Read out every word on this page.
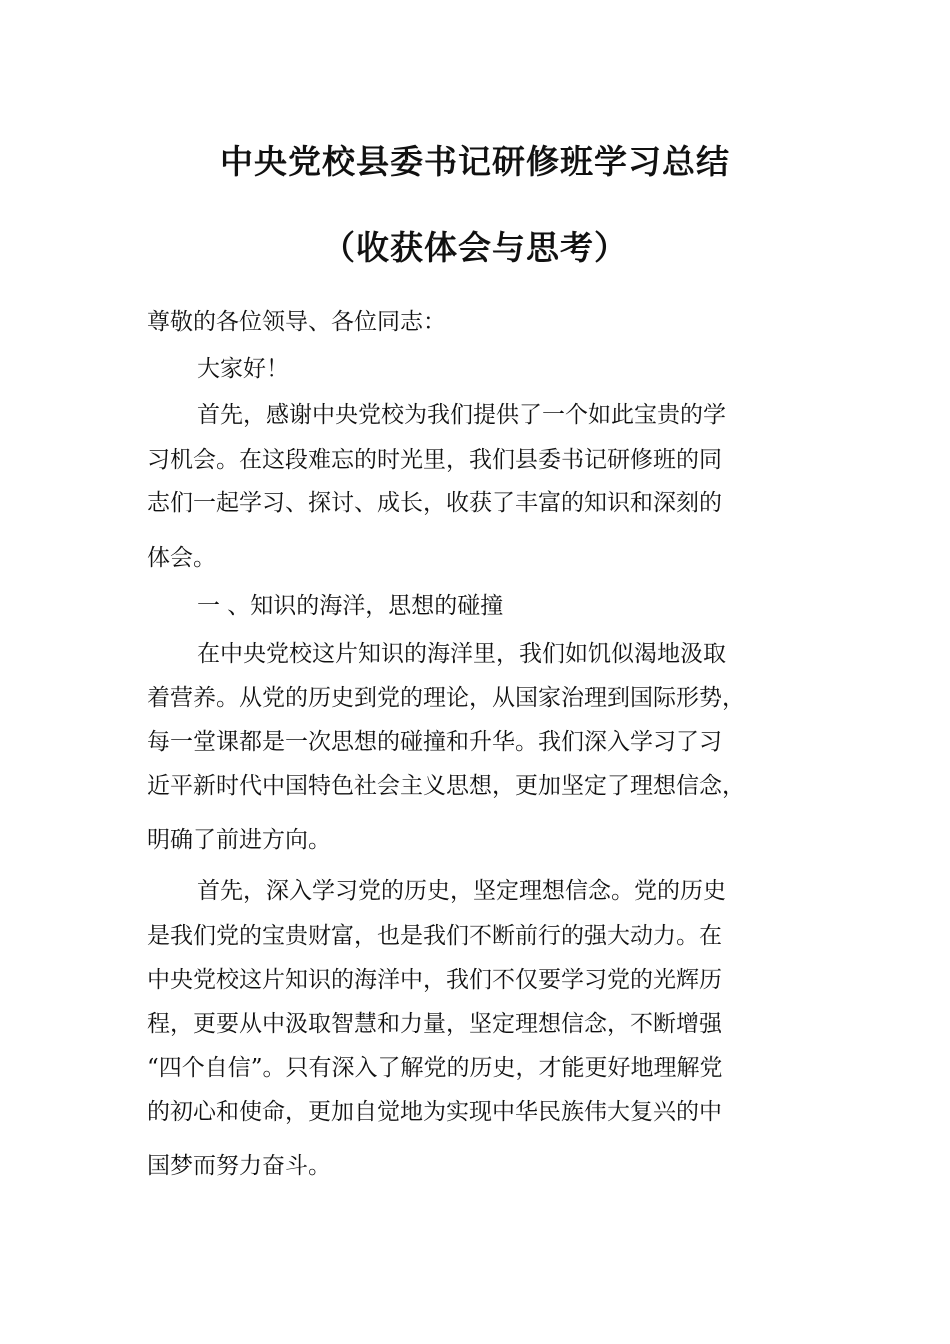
中央党校县委书记研修班学习总结
（收获体会与思考）
尊敬的各位领导、各位同志：
大家好！
首先，感谢中央党校为我们提供了一个如此宝贵的学
习机会。在这段难忘的时光里，我们县委书记研修班的同
志们一起学习、探讨、成长，收获了丰富的知识和深刻的
体会。
一 、知识的海洋，思想的碰撞
在中央党校这片知识的海洋里，我们如饥似渴地汲取
着营养。从党的历史到党的理论，从国家治理到国际形势，
每一堂课都是一次思想的碰撞和升华。我们深入学习了习
近平新时代中国特色社会主义思想，更加坚定了理想信念，
明确了前进方向。
首先，深入学习党的历史，坚定理想信念。党的历史
是我们党的宝贵财富，也是我们不断前行的强大动力。在
中央党校这片知识的海洋中，我们不仅要学习党的光辉历
程，更要从中汲取智慧和力量，坚定理想信念，不断增强
“四个自信”。只有深入了解党的历史，才能更好地理解党
的初心和使命，更加自觉地为实现中华民族伟大复兴的中
国梦而努力奋斗。
